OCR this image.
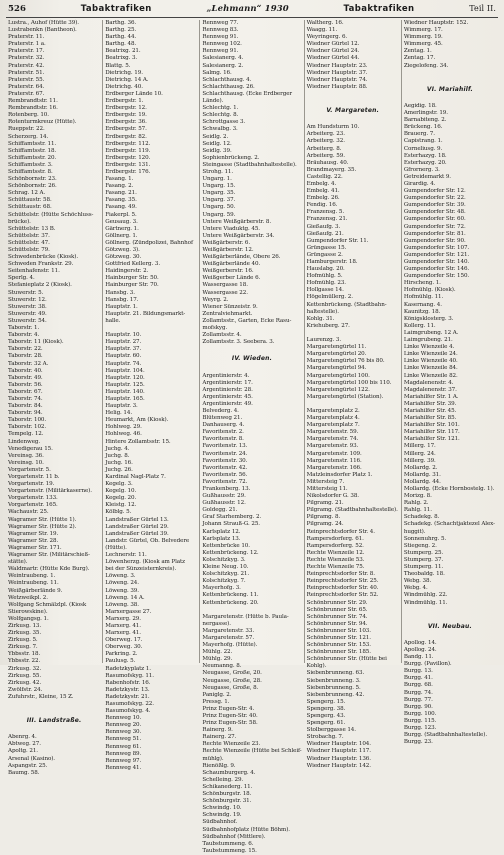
526	Tabaktrafiken	„Lehmann“ 1930	Tabaktrafiken	Teil II.
Lustra., Auhof (Hütte 39).
Lustrabenkn (Bantheon).
Praterstr. 11.
Praterstr. 1 a.
Praterstr. 17.
Praterstr. 32.
Praterstr. 42.
Praterstr. 51.
Praterstr. 55.
Praterstr. 64.
Praterstr. 67.
Rembrandtstr. 11.
Rembrandtstr. 16.
Rotenberg. 10.
Rotenturmkreuz (Hütte).
Rueppstr. 22.
Scherzerg. 14.
Schiffamtsstr. 11.
Schiffamtsstr. 18.
Schiffamtsstr. 20.
Schiffamtsstr. 3.
Schiffamtsstr. 8.
Schönbornstr. 23.
Schönbornstr. 26.
Schrag. 12 A.
Schüttaustr. 58.
Schüttaustr. 68.
Schüttelstr. (Hütte Schöchluss-
brücke).
Schüttelstr. 13 B.
Schüttelstr. 37.
Schüttelstr. 47.
Schüttelstr. 79.
Schwedenbrücke (Kiosk).
Schweden Frankstr. 29.
Seitenhafenstr. 11.
Sperlg. 4.
Stefanieplatz 2 (Kiosk).
Stuwerstr. 5.
Stuwerstr. 12.
Stuwerstr. 38.
Stuwerstr. 49.
Stuwerstr. 54.
Taborstr. 1.
Taborstr. 4.
Taborstr. 11 (Kiosk).
Taborstr. 22.
Taborstr. 28.
Taborstr. 32 A.
Taborstr. 40.
Taborstr. 49.
Taborstr. 56.
Taborstr. 67.
Taborstr. 74.
Taborstr. 84.
Taborstr. 94.
Taborstr. 100.
Taborstr. 102.
Tempelg. 12.
Lindenweg.
Venedigerau 15.
Vereinsg. 36.
Vereinsg. 10.
Vorgartenstr. 5.
Vorgartenstr. 11 b.
Vorgartenstr. 19.
Vorgartenstr. (Militärkaserne).
Vorgartenstr. 133.
Vorgartenstr. 165.
Wachaustr. 25.
Wagramer Str. (Hütte 1).
Wagramer Str. (Hütte 2).
Wagramer Str. 19.
Wagramer Str. 28.
Wagramer Str. 171.
Wagramer Str. (Militärschieß-
stätte).
Waldmartr. (Hütte Kde Burg).
Weintraubeng. 1.
Weintraubeng. 11.
Weißgärberlände 9.
Wetzweikpl. 2.
Wolfgang Schmälzlpl. (Kiosk
Stierowskine).
Wolfgangsg. 1.
Zirkusg. 13.
Zirkusg. 35.
Zirkusg. 5.
Zirkusg. 7.
Ybbsstr. 18.
Ybbsstr. 22.
Zirkusg. 32.
Zirkusg. 55.
Zirkusg. 42.
Zwölfstr. 24.
Zufuhrstr., Kleine, 15 Z.
III. Landstraße.
Abenrg. 4.
Abtweg. 27.
Apoltg. 21.
Arsenal (Kasino).
Aspangstr. 25.
Baumg. 58.
Barthg. 36.
Barthg. 25.
Barthg. 44.
Barthg. 48.
Beatrixg. 21.
Beatrixg. 3.
Blattg. 5.
Dietrichg. 19.
Dietrichg. 14 A.
Dietrichg. 40.
Erdberger Lände 10.
Erdbergstr. 1.
Erdbergstr. 12.
Erdbergstr. 19.
Erdbergstr. 36.
Erdbergstr. 57.
Erdbergstr. 82.
Erdbergstr. 112.
Erdbergstr. 119.
Erdbergstr. 120.
Erdbergstr. 131.
Erdbergstr. 176.
Fasang. 1.
Fasang. 2.
Fasang. 21.
Fasang. 35.
Fasang. 49.
Fiakerpl. 5.
Geusaug. 3.
Gärtnerg. 1.
Göllnerg. 1.
Göllnerg. (Zündpolizei, Bahnhof
Götzweg. 3).
Götzweg. 30.
Gottfried Kellerg. 3.
Haidingerstr. 2.
Hainburger Str. 50.
Hainburger Str. 70.
Hansbg. 3.
Hansbg. 17.
Hauptstr. 1.
Hauptstr. 21. Bildungsmarkt-
halle.
Hauptstr. 10.
Hauptstr. 27.
Hauptstr. 37.
Hauptstr. 60.
Hauptstr. 74.
Hauptstr. 104.
Hauptstr. 120.
Hauptstr. 125.
Hauptstr. 140.
Hauptstr. 165.
Hauptstr. 3.
Helig. 14.
Heumarkt, Am (Kiosk).
Hohlweg. 29.
Hohlweg. 46.
Hintere Zollamtsstr. 15.
Juchg. 4.
Juchg. 8.
Juchg. 16.
Juchg. 26.
Kardinal Nagl-Platz 7.
Kegelg. 3.
Kegelg. 10.
Kegelg. 20.
Kleistg. 12.
Kölblg. 5.
Landstraßer Gürtel 13.
Landstraßer Gürtel 29.
Landstraßer Gürtel 39.
Landstr. Gürtel, Ob. Belvedere
(Hütte).
Lechnerstr. 11.
Löwenherzg. (Kiosk am Platz
bei der Sünzeisternkreis).
Löweng. 3.
Löweng. 24.
Löweng. 39.
Löweng. 14 A.
Löweng. 38.
Marxergasse 27.
Marxerg. 29.
Marxerg. 41.
Marxerg. 41.
Oberweg. 17.
Oberweg. 30.
Parkring. 2.
Paulusg. 5.
Radetzkyplatz 1.
Rasumofskyg. 11.
Rabenhofstr. 16.
Radetzkystr. 13.
Radetzkystr. 21.
Rasumofskyg. 22.
Rasumofskyg. 4.
Rennweg 10.
Rennweg 20.
Rennweg 30.
Rennweg 51.
Rennweg 61.
Rennweg 89.
Rennweg 97.
Rennweg 41.
Rennweg 77.
Rennweg 83.
Rennweg 91.
Rennweg 102.
Rennweg 91.
Salesianerg. 4.
Salesianerg. 2.
Salmg. 16.
Schlachthausg. 4.
Schlachthausg. 26.
Schlachthausg. (Ecke Erdberger
Lände).
Schlechtg. 1.
Schlechtg. 8.
Schrottgasse 3.
Schwalbg. 3.
Seidlg. 2.
Seidlg. 12.
Seidlg. 39.
Sophienbrückeng. 2.
Steingasse (Stadtbahnhaltestelle).
Strohg. 11.
Ungarg. 1.
Ungarg. 15.
Ungarg. 35.
Ungarg. 37.
Ungarg. 50.
Ungarg. 59.
Untere Weißgärberstr. 8.
Untere Viaduktg. 45.
Untere Weißgärberstr. 34.
Weißgärberstr. 6.
Weißgärberstr. 12.
Weißgärberlände, Obere 26.
Weißgärberlände 40.
Weißgerberstr. 16.
Weißgerber Lände 6.
Wassergasse 18.
Wassergasse 22.
Weyrg. 2.
Wiener Sünzeistr. 9.
Zentralviehmarkt.
Zollamtsstr., Garten, Ecke Rasu-
mofskyg.
Zollamtsstr. 4.
Zollamtsstr. 3. Seebera. 3.
IV. Wieden.
Argentinierstr. 4.
Argentinierstr. 17.
Argentinierstr. 28.
Argentinierstr. 45.
Argentinierstr. 49.
Belvederg. 4.
Blütenweg 21.
Danhauserg. 4.
Favoritenstr. 2.
Favoritenstr. 8.
Favoritenstr. 13.
Favoritenstr. 24.
Favoritenstr. 30.
Favoritenstr. 42.
Favoritenstr. 56.
Favoritenstr. 72.
Frankenberg. 13.
Gußhausstr. 29.
Gußhausstr. 12.
Goldegg. 21.
Graf Starhemberg. 2.
Johann Strauß-G. 25.
Karlsplatz 12.
Karlsplatz 13.
Kettenbrücke 10.
Kettenbrückeng. 12.
Kolschitzkyg. 3.
Kleine Neug. 10.
Kolschitzkyg. 21.
Kolschitzkyg. 7.
Mayerhofg. 3.
Kettenbrückeng. 11.
Kettenbrückeng. 20.
Margaretenstr. (Hütte b. Paula-
nergasse).
Margaretenstr. 33.
Margaretenstr. 57.
Mayerhofg. (Hütte).
Mühlg. 22.
Mühlg. 29.
Neumanng. 8.
Neugasse, Große, 20.
Neugasse, Große, 28.
Neugasse, Große, 8.
Paniglg. 2.
Pressg. 1.
Prinz Eugen-Str. 4.
Prinz Eugen-Str. 40.
Prinz Eugen-Str. 58.
Rainerg. 9.
Rainerg. 27.
Rechte Wienzeile 23.
Rechte Wienzeile (Hütte bei Schleif-
mühlg).
Rienößlg. 9.
Schaumburgerg. 4.
Schelleing. 29.
Schikanederg. 11.
Schönburgstr. 18.
Schönburgstr. 31.
Schwindg. 10.
Schwindg. 19.
Südbahnhof.
Südbahnhofplatz (Hütte Böhm).
Südbahnhof (Mittlere).
Taubstummeng. 6.
Taubstummeng. 15.
Waltherg. 16.
Waagg. 11.
Weyringerg. 6.
Wiedner Gürtel 12.
Wiedner Gürtel 24.
Wiedner Gürtel 44.
Wiedner Hauptstr. 23.
Wiedner Hauptstr. 37.
Wiedner Hauptstr. 74.
Wiedner Hauptstr. 88.
V. Margareten.
Am Hundsturm 10.
Arbeiterg. 23.
Arbeiterg. 32.
Arbeiterg. 8.
Arbeiterg. 59.
Bräuhausg. 40.
Brandmayerg. 35.
Castellig. 22.
Embelg. 4.
Embelg. 41.
Embelg. 26.
Fendig. 16.
Franzensg. 5.
Franzensg. 21.
Gießaufg. 3.
Gießaufg. 21.
Gumpendorfer Str. 11.
Grüngasse 15.
Grüngasse 2.
Hamburgerstr. 18.
Hauslabg. 20.
Hofmühlg. 5.
Hofmühlg. 23.
Hollgasse 14.
Högelmüllerg. 2.
Kettenbrückeng. (Stadtbahn-
haltestelle).
Kohlg. 31.
Kriehuberg. 27.
Laurenzg. 3.
Margaretengürtel 11.
Margaretengürtel 20.
Margaretengürtel 76 bis 80.
Margaretengürtel 94.
Margaretengürtel 100.
Margaretengürtel 100 bis 110.
Margaretengürtel 122.
Margaretengürtel (Station).
Margaretenplatz 2.
Margaretenplatz 4.
Margaretenplatz 7.
Margaretenstr. 59.
Margaretenstr. 74.
Margaretenstr. 93.
Margaretenstr. 109.
Margaretenstr. 116.
Margaretenstr. 166.
Matzleinsdorfer Platz 1.
Mittersteig 7.
Mittersteig 11.
Nikolsdorfer G. 38.
Pilgramg. 21.
Pilgramg. (Stadtbahnhaltestelle).
Pilgramg. 8.
Pilgramg. 24.
Reinprechtsdorfer Str. 4.
Rampersdorferg. 61.
Rampersdorferg. 52.
Rechte Wienzeile 12.
Rechte Wienzeile 53.
Rechte Wienzeile 75.
Reinprechtsdorfer Str. 8.
Reinprechtsdorfer Str. 25.
Reinprechtsdorfer Str. 40.
Reinprechtsdorfer Str. 52.
Schönbrunner Str. 29.
Schönbrunner Str. 65.
Schönbrunner Str. 74.
Schönbrunner Str. 94.
Schönbrunner Str. 103.
Schönbrunner Str. 121.
Schönbrunner Str. 153.
Schönbrunner Str. 185.
Schönbrunner Str. (Hütte bei
Kohlg).
Siebenbrunneng. 63.
Siebenbrunneng. 3.
Siebenbrunneng. 5.
Siebenbrunneng. 42.
Spengerg. 15.
Spengerg. 38.
Spengerg. 43.
Spengerg. 61.
Stolberggasse 14.
Strobachg. 7.
Wiedner Hauptstr. 104.
Wiedner Hauptstr. 117.
Wiedner Hauptstr. 136.
Wiedner Hauptstr. 142.
Wiedner Hauptstr. 152.
Wimmerg. 17.
Wimmerg. 19.
Wimmerg. 45.
Zentag. 1.
Zentag. 17.
Ziegelofeng. 34.
VI. Mariahilf.
Aegidig. 18.
Amerlingstr. 19.
Barnabiteng. 2.
Brückeng. 16.
Brauerg. 7.
Capistrang. 1.
Corneliusg. 9.
Esterhazyg. 18.
Esterhazyg. 20.
Gfrornerg. 3.
Getreidemarkt 9.
Girardig. 4.
Gumpendorfer Str. 12.
Gumpendorfer Str. 22.
Gumpendorfer Str. 39.
Gumpendorfer Str. 48.
Gumpendorfer Str. 60.
Gumpendorfer Str. 72.
Gumpendorfer Str. 81.
Gumpendorfer Str. 90.
Gumpendorfer Str. 107.
Gumpendorfer Str. 121.
Gumpendorfer Str. 140.
Gumpendorfer Str. 146.
Gumpendorfer Str. 150.
Hirscheng. 1.
Hofmühlg. (Kiosk).
Hofmühlg. 11.
Kasernang. 4.
Kaunitzg. 18.
Königsklosterg. 3.
Kollerg. 11.
Laimgrubeng. 12 A.
Laimgrubeng. 21.
Linke Wienzeile 4.
Linke Wienzeile 24.
Linke Wienzeile 40.
Linke Wienzeile 84.
Linke Wienzeile 82.
Magdalenenstr. 4.
Magdalenenstr. 37.
Mariahilfer Str. 1 A.
Mariahilfer Str. 39.
Mariahilfer Str. 45.
Mariahilfer Str. 85.
Mariahilfer Str. 101.
Mariahilfer Str. 117.
Mariahilfer Str. 121.
Millerg. 17.
Millerg. 24.
Millerg. 39.
Mollardg. 2.
Mollardg. 31.
Mollardg. 44.
Mollardg. (Ecke Hornbostelg. 1).
Morizg. 8.
Rahlg. 2.
Rahlg. 11.
Schadekg. 8.
Schadekg. (Schachtjaktezel Alex-
huggit).
Sonnenuhrg. 5.
Stiegeng. 2.
Stumperg. 25.
Stumperg. 37.
Stumperg. 11.
Theobaldg. 18.
Webg. 38.
Webg. 4.
Windmühlg. 22.
Windmühlg. 11.
VII. Neubau.
Apollog. 14.
Apollog. 24.
Bandg. 11.
Burgg. (Pavillon).
Burgg. 13.
Burgg. 41.
Burgg. 68.
Burgg. 74.
Burgg. 77.
Burgg. 90.
Burgg. 100.
Burgg. 115.
Burgg. 123.
Burgg. (Stadtbahnhaltestelle).
Burgg. 23.
